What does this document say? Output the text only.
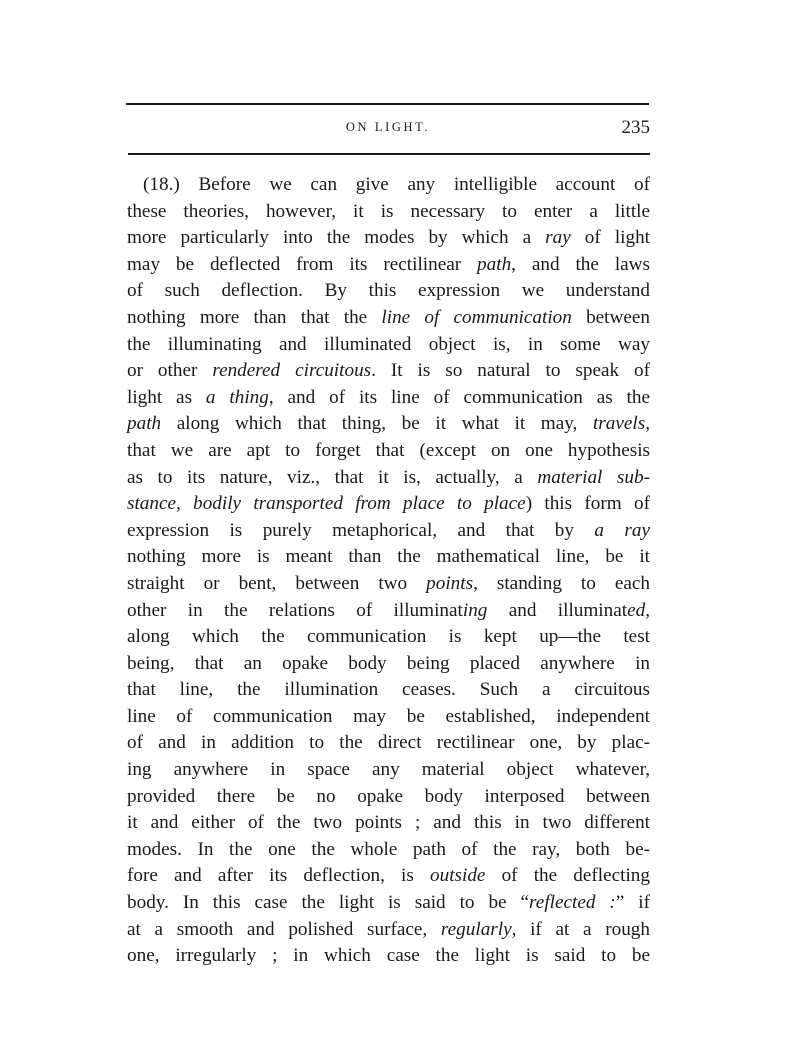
ON LIGHT.	235
(18.) Before we can give any intelligible account of
these theories, however, it is necessary to enter a little
more particularly into the modes by which a ray of light
may be deflected from its rectilinear path, and the laws
of such deflection. By this expression we understand
nothing more than that the line of communication between
the illuminating and illuminated object is, in some way
or other rendered circuitous. It is so natural to speak of
light as a thing, and of its line of communication as the
path along which that thing, be it what it may, travels,
that we are apt to forget that (except on one hypothesis
as to its nature, viz., that it is, actually, a material sub-
stance, bodily transported from place to place) this form of
expression is purely metaphorical, and that by a ray
nothing more is meant than the mathematical line, be it
straight or bent, between two points, standing to each
other in the relations of illuminating and illuminated,
along which the communication is kept up—the test
being, that an opake body being placed anywhere in
that line, the illumination ceases. Such a circuitous
line of communication may be established, independent
of and in addition to the direct rectilinear one, by plac-
ing anywhere in space any material object whatever,
provided there be no opake body interposed between
it and either of the two points ; and this in two different
modes. In the one the whole path of the ray, both be-
fore and after its deflection, is outside of the deflecting
body. In this case the light is said to be “reflected :” if
at a smooth and polished surface, regularly, if at a rough
one, irregularly ; in which case the light is said to be
